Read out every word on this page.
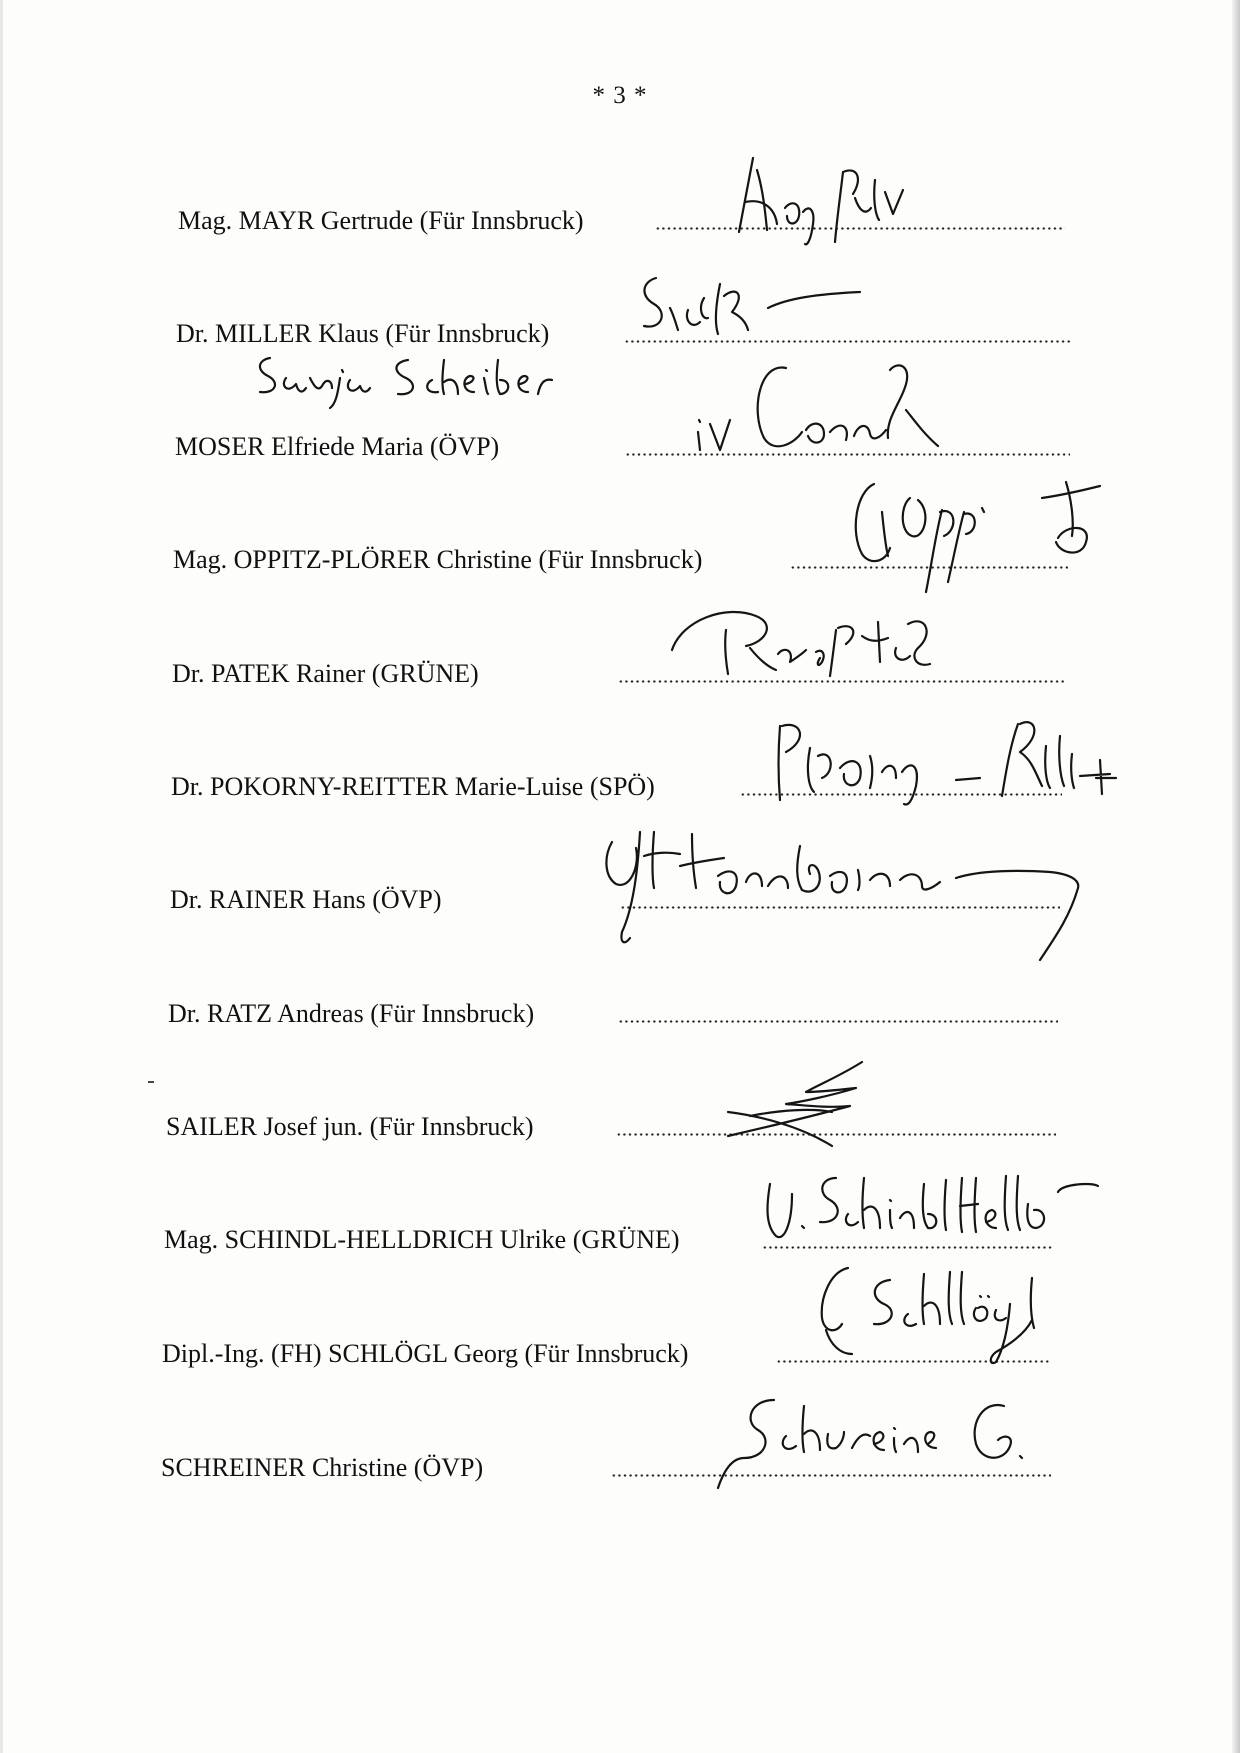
* 3 *
Mag. MAYR Gertrude (Für Innsbruck)
Dr. MILLER Klaus (Für Innsbruck)
MOSER Elfriede Maria (ÖVP)
Mag. OPPITZ-PLÖRER Christine (Für Innsbruck)
Dr. PATEK Rainer (GRÜNE)
Dr. POKORNY-REITTER Marie-Luise (SPÖ)
Dr. RAINER Hans (ÖVP)
Dr. RATZ Andreas (Für Innsbruck)
SAILER Josef jun. (Für Innsbruck)
Mag. SCHINDL-HELLDRICH Ulrike (GRÜNE)
Dipl.-Ing. (FH) SCHLÖGL Georg (Für Innsbruck)
SCHREINER Christine (ÖVP)
